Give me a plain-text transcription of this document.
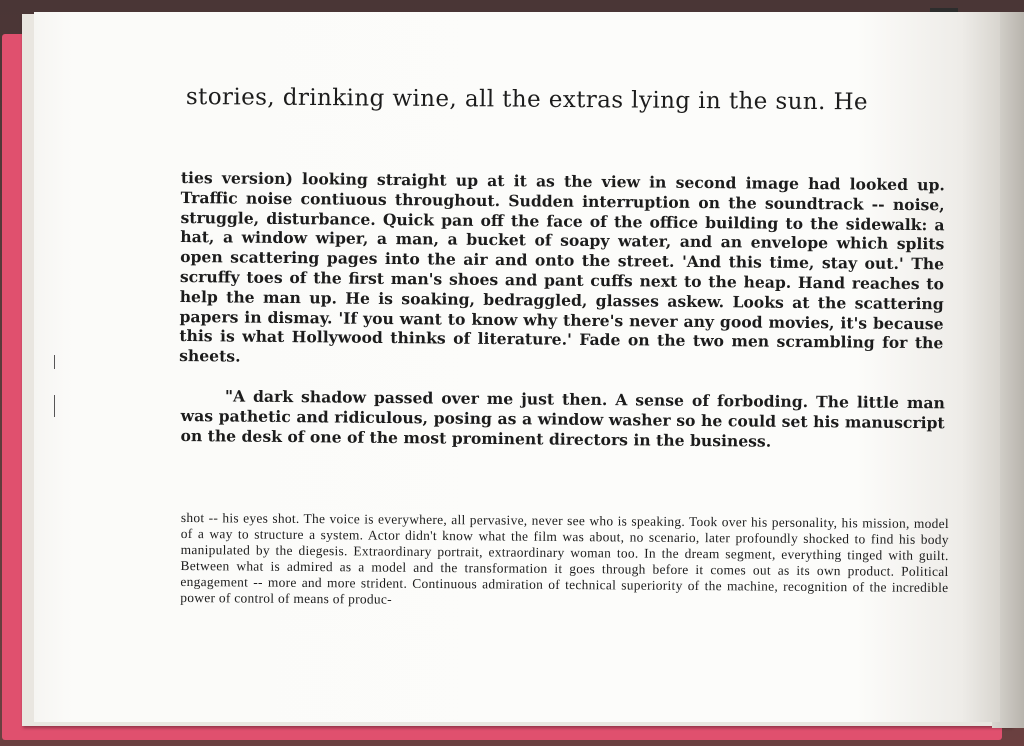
stories, drinking wine, all the extras lying in the sun. He

ties version) looking straight up at it as the view in second image had looked up. Traffic noise contiuous throughout. Sudden interruption on the soundtrack -- noise, struggle, disturbance. Quick pan off the face of the office building to the sidewalk: a hat, a window wiper, a man, a bucket of soapy water, and an envelope which splits open scattering pages into the air and onto the street. 'And this time, stay out.' The scruffy toes of the first man's shoes and pant cuffs next to the heap. Hand reaches to help the man up. He is soaking, bedraggled, glasses askew. Looks at the scattering papers in dismay. 'If you want to know why there's never any good movies, it's because this is what Hollywood thinks of literature.' Fade on the two men scrambling for the sheets.

"A dark shadow passed over me just then. A sense of forboding. The little man was pathetic and ridiculous, posing as a window washer so he could set his manuscript on the desk of one of the most prominent directors in the business.

shot -- his eyes shot. The voice is everywhere, all pervasive, never see who is speaking. Took over his personality, his mission, model of a way to structure a system. Actor didn't know what the film was about, no scenario, later profoundly shocked to find his body manipulated by the diegesis. Extraordinary portrait, extraordinary woman too. In the dream segment, everything tinged with guilt. Between what is admired as a model and the transformation it goes through before it comes out as its own product. Political engagement -- more and more strident. Continuous admiration of technical superiority of the machine, recognition of the incredible power of control of means of produc-
